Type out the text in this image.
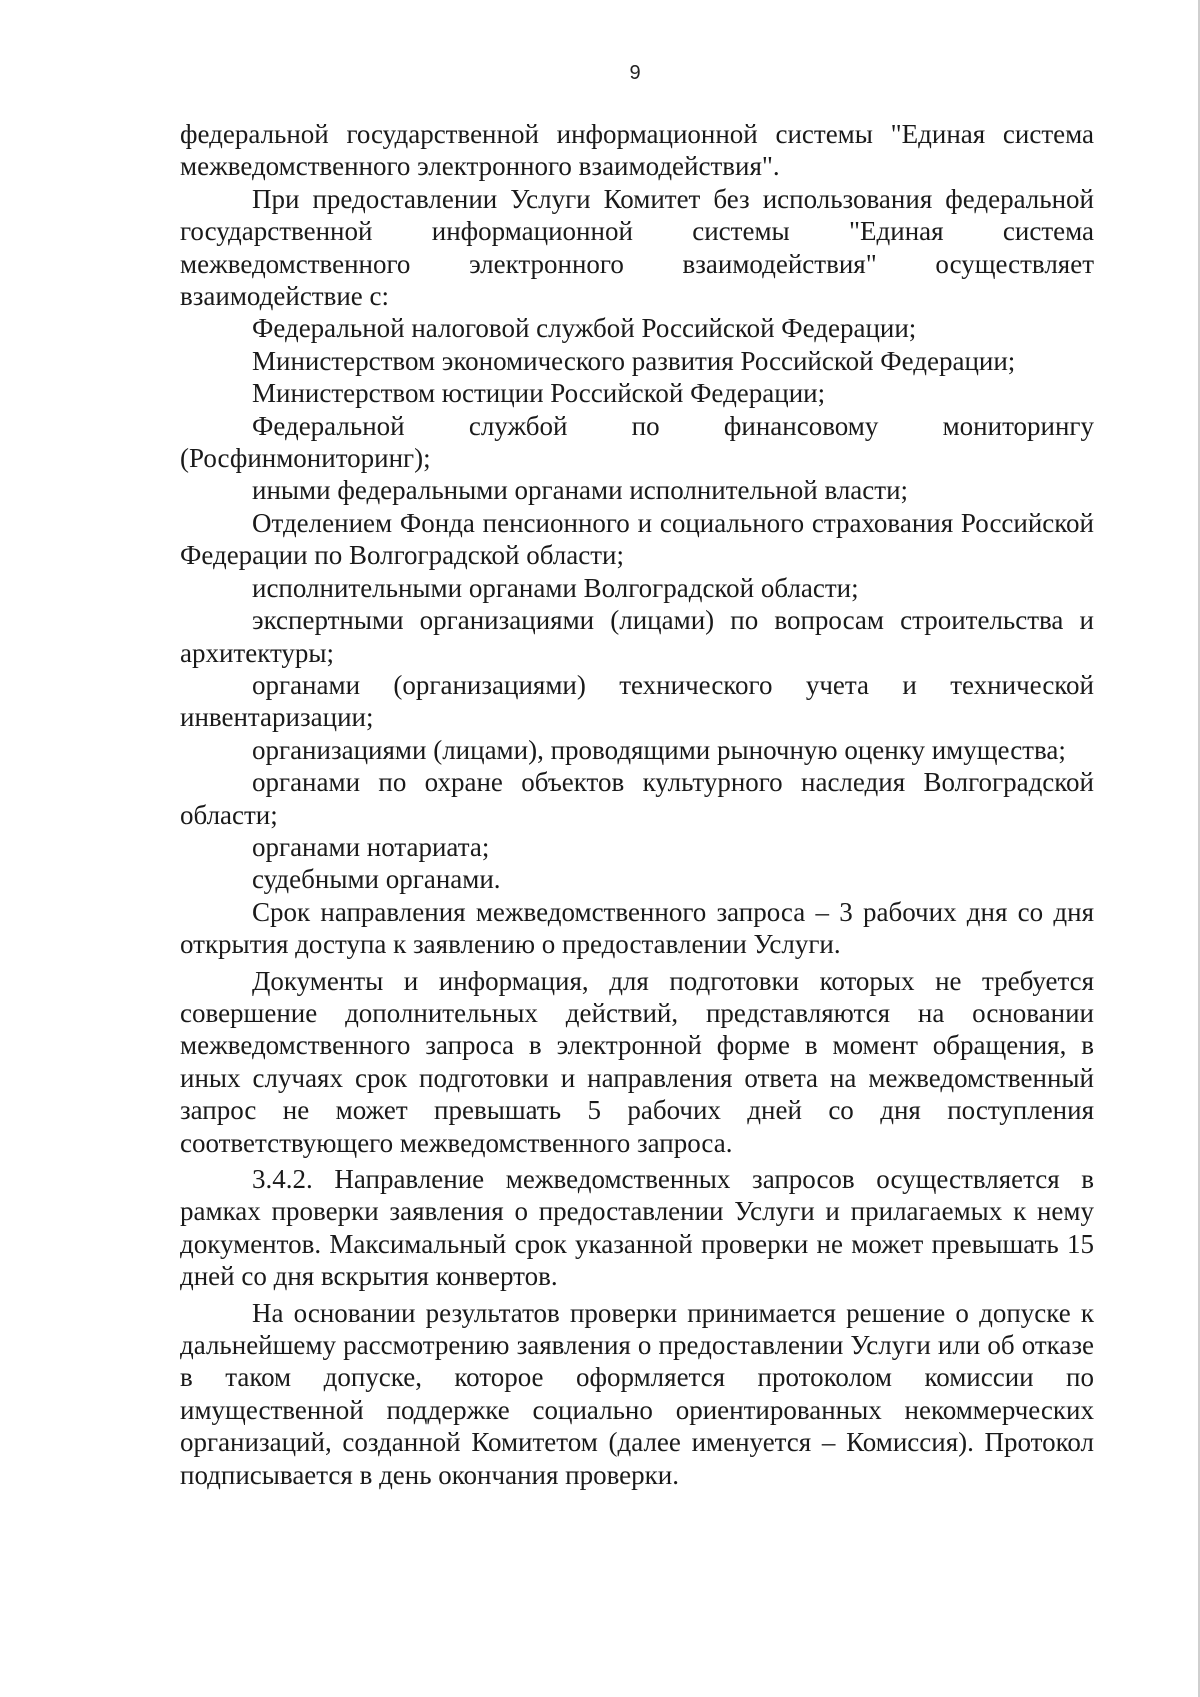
9

федеральной государственной информационной системы "Единая система межведомственного электронного взаимодействия".

При предоставлении Услуги Комитет без использования федеральной государственной информационной системы "Единая система межведомственного электронного взаимодействия" осуществляет взаимодействие с:

Федеральной налоговой службой Российской Федерации;

Министерством экономического развития Российской Федерации;

Министерством юстиции Российской Федерации;

Федеральной службой по финансовому мониторингу (Росфинмониторинг);

иными федеральными органами исполнительной власти;

Отделением Фонда пенсионного и социального страхования Российской Федерации по Волгоградской области;

исполнительными органами Волгоградской области;

экспертными организациями (лицами) по вопросам строительства и архитектуры;

органами (организациями) технического учета и технической инвентаризации;

организациями (лицами), проводящими рыночную оценку имущества;

органами по охране объектов культурного наследия Волгоградской области;

органами нотариата;

судебными органами.

Срок направления межведомственного запроса – 3 рабочих дня со дня открытия доступа к заявлению о предоставлении Услуги.

Документы и информация, для подготовки которых не требуется совершение дополнительных действий, представляются на основании межведомственного запроса в электронной форме в момент обращения, в иных случаях срок подготовки и направления ответа на межведомственный запрос не может превышать 5 рабочих дней со дня поступления соответствующего межведомственного запроса.

3.4.2. Направление межведомственных запросов осуществляется в рамках проверки заявления о предоставлении Услуги и прилагаемых к нему документов. Максимальный срок указанной проверки не может превышать 15 дней со дня вскрытия конвертов.

На основании результатов проверки принимается решение о допуске к дальнейшему рассмотрению заявления о предоставлении Услуги или об отказе в таком допуске, которое оформляется протоколом комиссии по имущественной поддержке социально ориентированных некоммерческих организаций, созданной Комитетом (далее именуется – Комиссия). Протокол подписывается в день окончания проверки.
